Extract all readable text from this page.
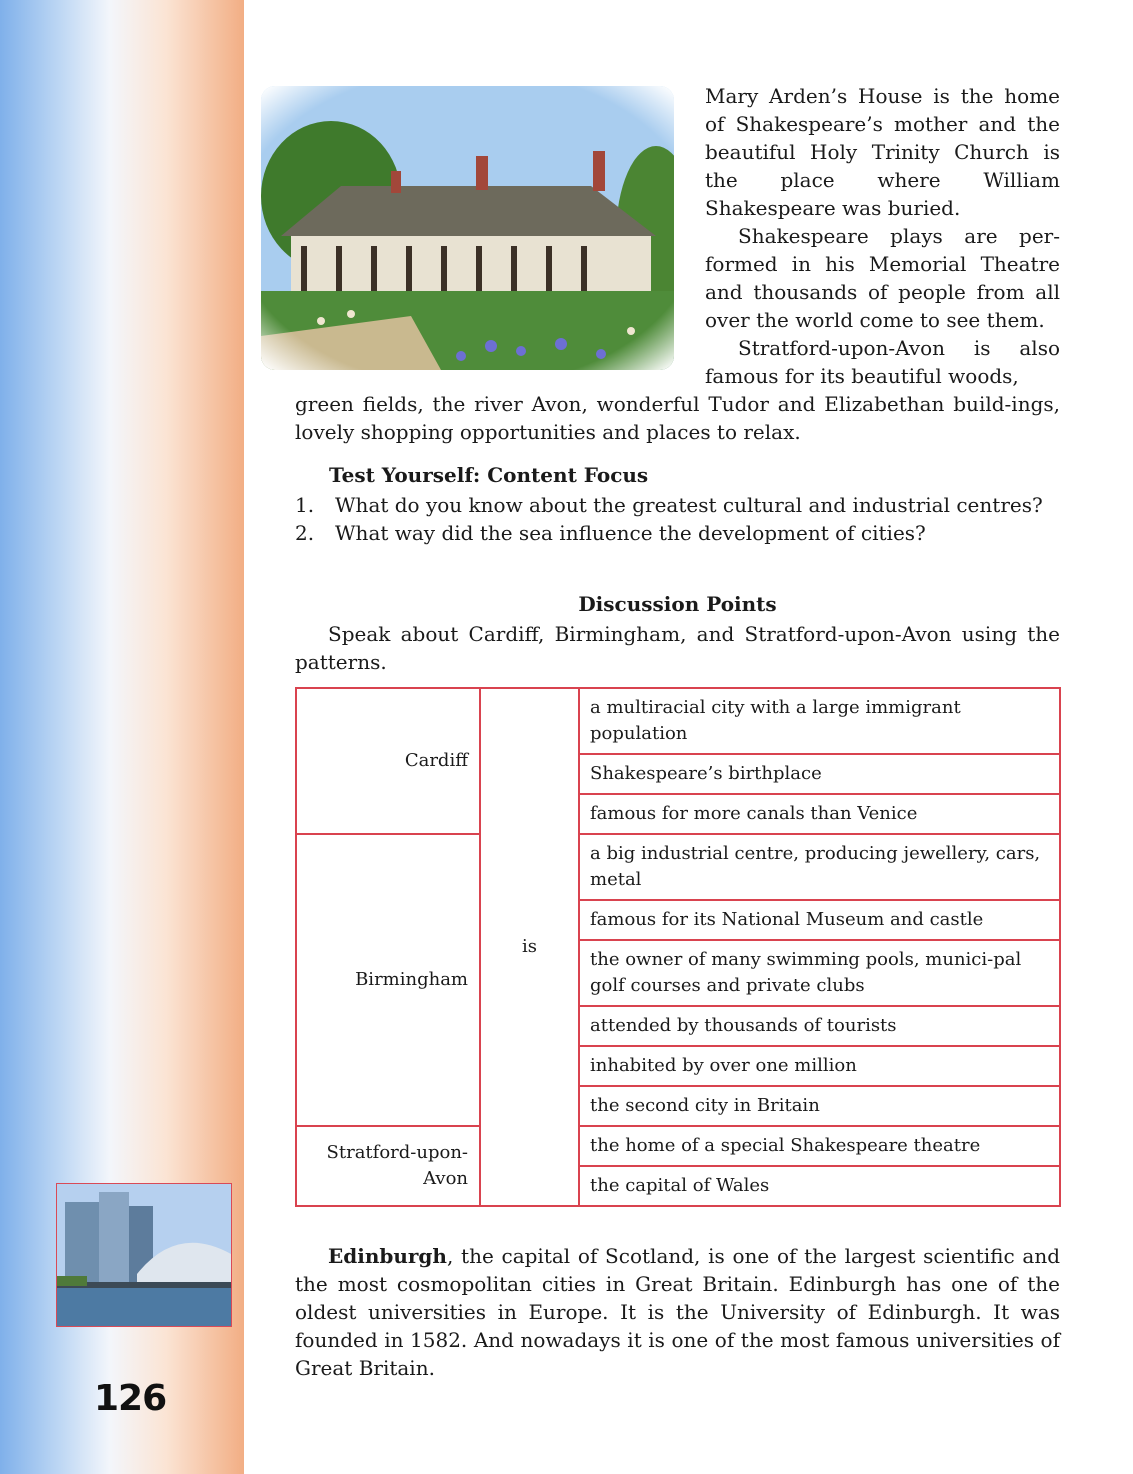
126

Mary Arden’s House is the home of Shakespeare’s mother and the beautiful Holy Trinity Church is the place where William Shakespeare was buried.

Shakespeare plays are per-formed in his Memorial Theatre and thousands of people from all over the world come to see them.

Stratford-upon-Avon is also famous for its beautiful woods,

green fields, the river Avon, wonderful Tudor and Elizabethan build-ings, lovely shopping opportunities and places to relax.

Test Yourself: Content Focus
1.	What do you know about the greatest cultural and industrial centres?
2.	What way did the sea influence the development of cities?
Discussion Points

Speak about Cardiff, Birmingham, and Stratford-upon-Avon using the patterns.

Cardiff	is	a multiracial city with a large immigrant population
		Shakespeare’s birthplace
		famous for more canals than Venice
Birmingham		a big industrial centre, producing jewellery, cars, metal
		famous for its National Museum and castle
		the owner of many swimming pools, munici-pal golf courses and private clubs
		attended by thousands of tourists
		inhabited by over one million
		the second city in Britain
Stratford-upon-Avon		the home of a special Shakespeare theatre
		the capital of Wales

Edinburgh, the capital of Scotland, is one of the largest scientific and the most cosmopolitan cities in Great Britain. Edinburgh has one of the oldest universities in Europe. It is the University of Edinburgh. It was founded in 1582. And nowadays it is one of the most famous universities of Great Britain.
